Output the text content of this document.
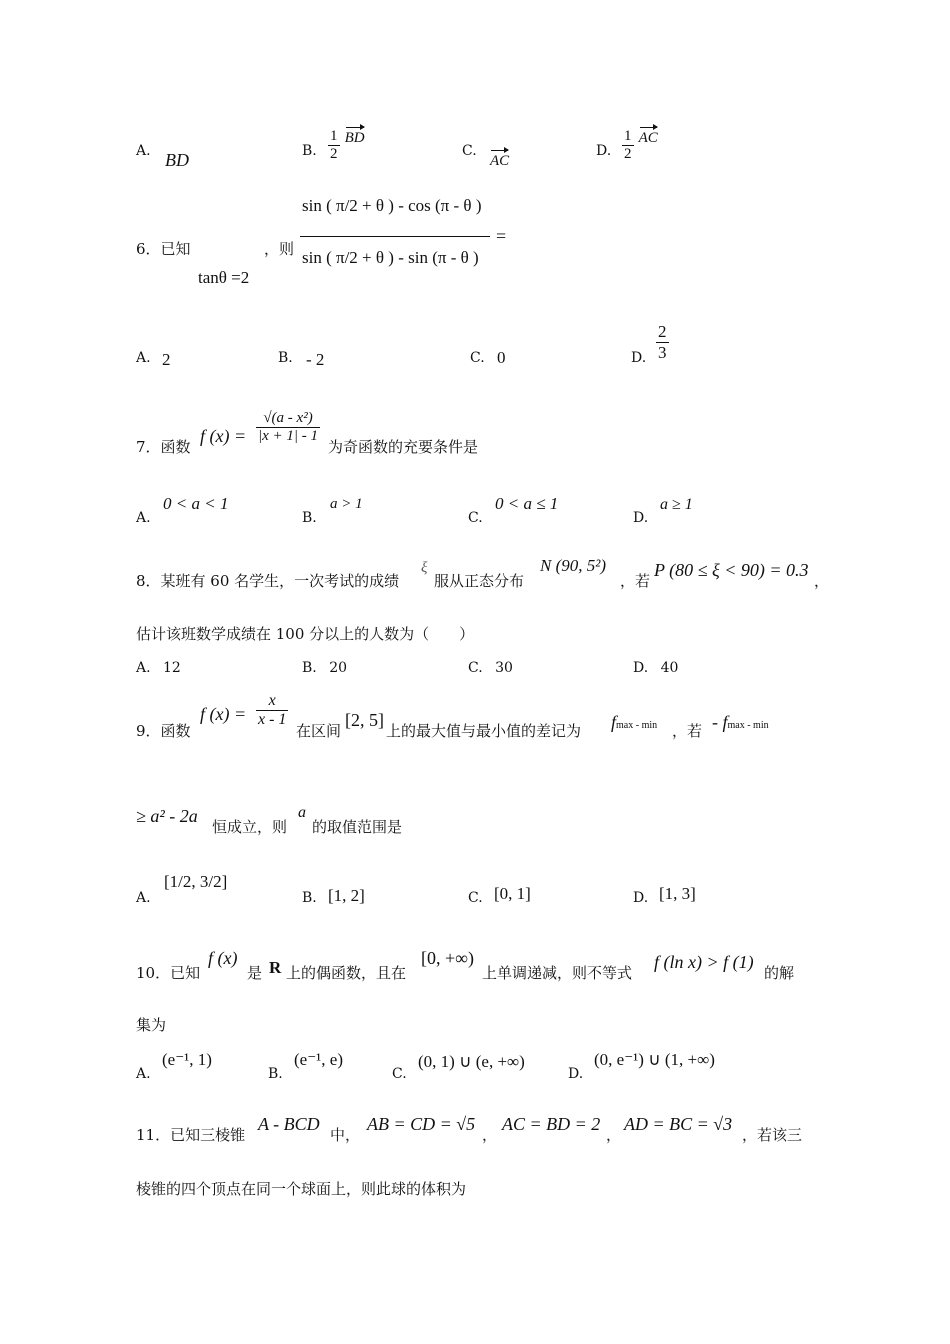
A. BD	B. $\frac{1}{2}$ BD
C.
AC
D. $\frac{1}{2}$ AC
6．已知
tanθ =2
，则
sin ( π/2 + θ ) - cos (π - θ )
sin ( π/2 + θ ) - sin (π - θ )
=
A. 2	B. - 2	C. 0	D. $\frac{2}{3}$
7．函数
f $(x) = \frac{\text{√(a - x²)}}{|x + 1| - 1}$
为奇函数的充要条件是
A.
0 < a < 1
B.
a > 1
C.
0 < a ≤ 1
D.
a ≥ 1
8．某班有 60 名学生，一次考试的成绩
ξ
服从正态分布
N (90, 5²)
，若
P (80 ≤ ξ < 90) = 0.3
，
估计该班数学成绩在 100 分以上的人数为（　　）
A. 12	B. 20	C. 30	D. 40
9．函数
f $(x) = \frac{x}{x - 1}$
在区间
[2, 5]
上的最大值与最小值的差记为 fmax - min ，若 - fmax - min
≥ a² - 2a
恒成立，则
a
的取值范围是
A.
[1/2, 3/2]
B. [1, 2]	C. [0, 1]	D. [1, 3]
10．已知
f (x)
是 R 上的偶函数，且在
[0, +∞)
上单调递减，则不等式
f (ln x) > f (1)
的解
集为
A.
(e⁻¹, 1)
B.
(e⁻¹, e)
C.
(0, 1) ∪ (e, +∞)
D.
(0, e⁻¹) ∪ (1, +∞)
11．已知三棱锥
A - BCD
中，
AB = CD = √5
，
AC = BD = 2
，
AD = BC = √3
，若该三
棱锥的四个顶点在同一个球面上，则此球的体积为
